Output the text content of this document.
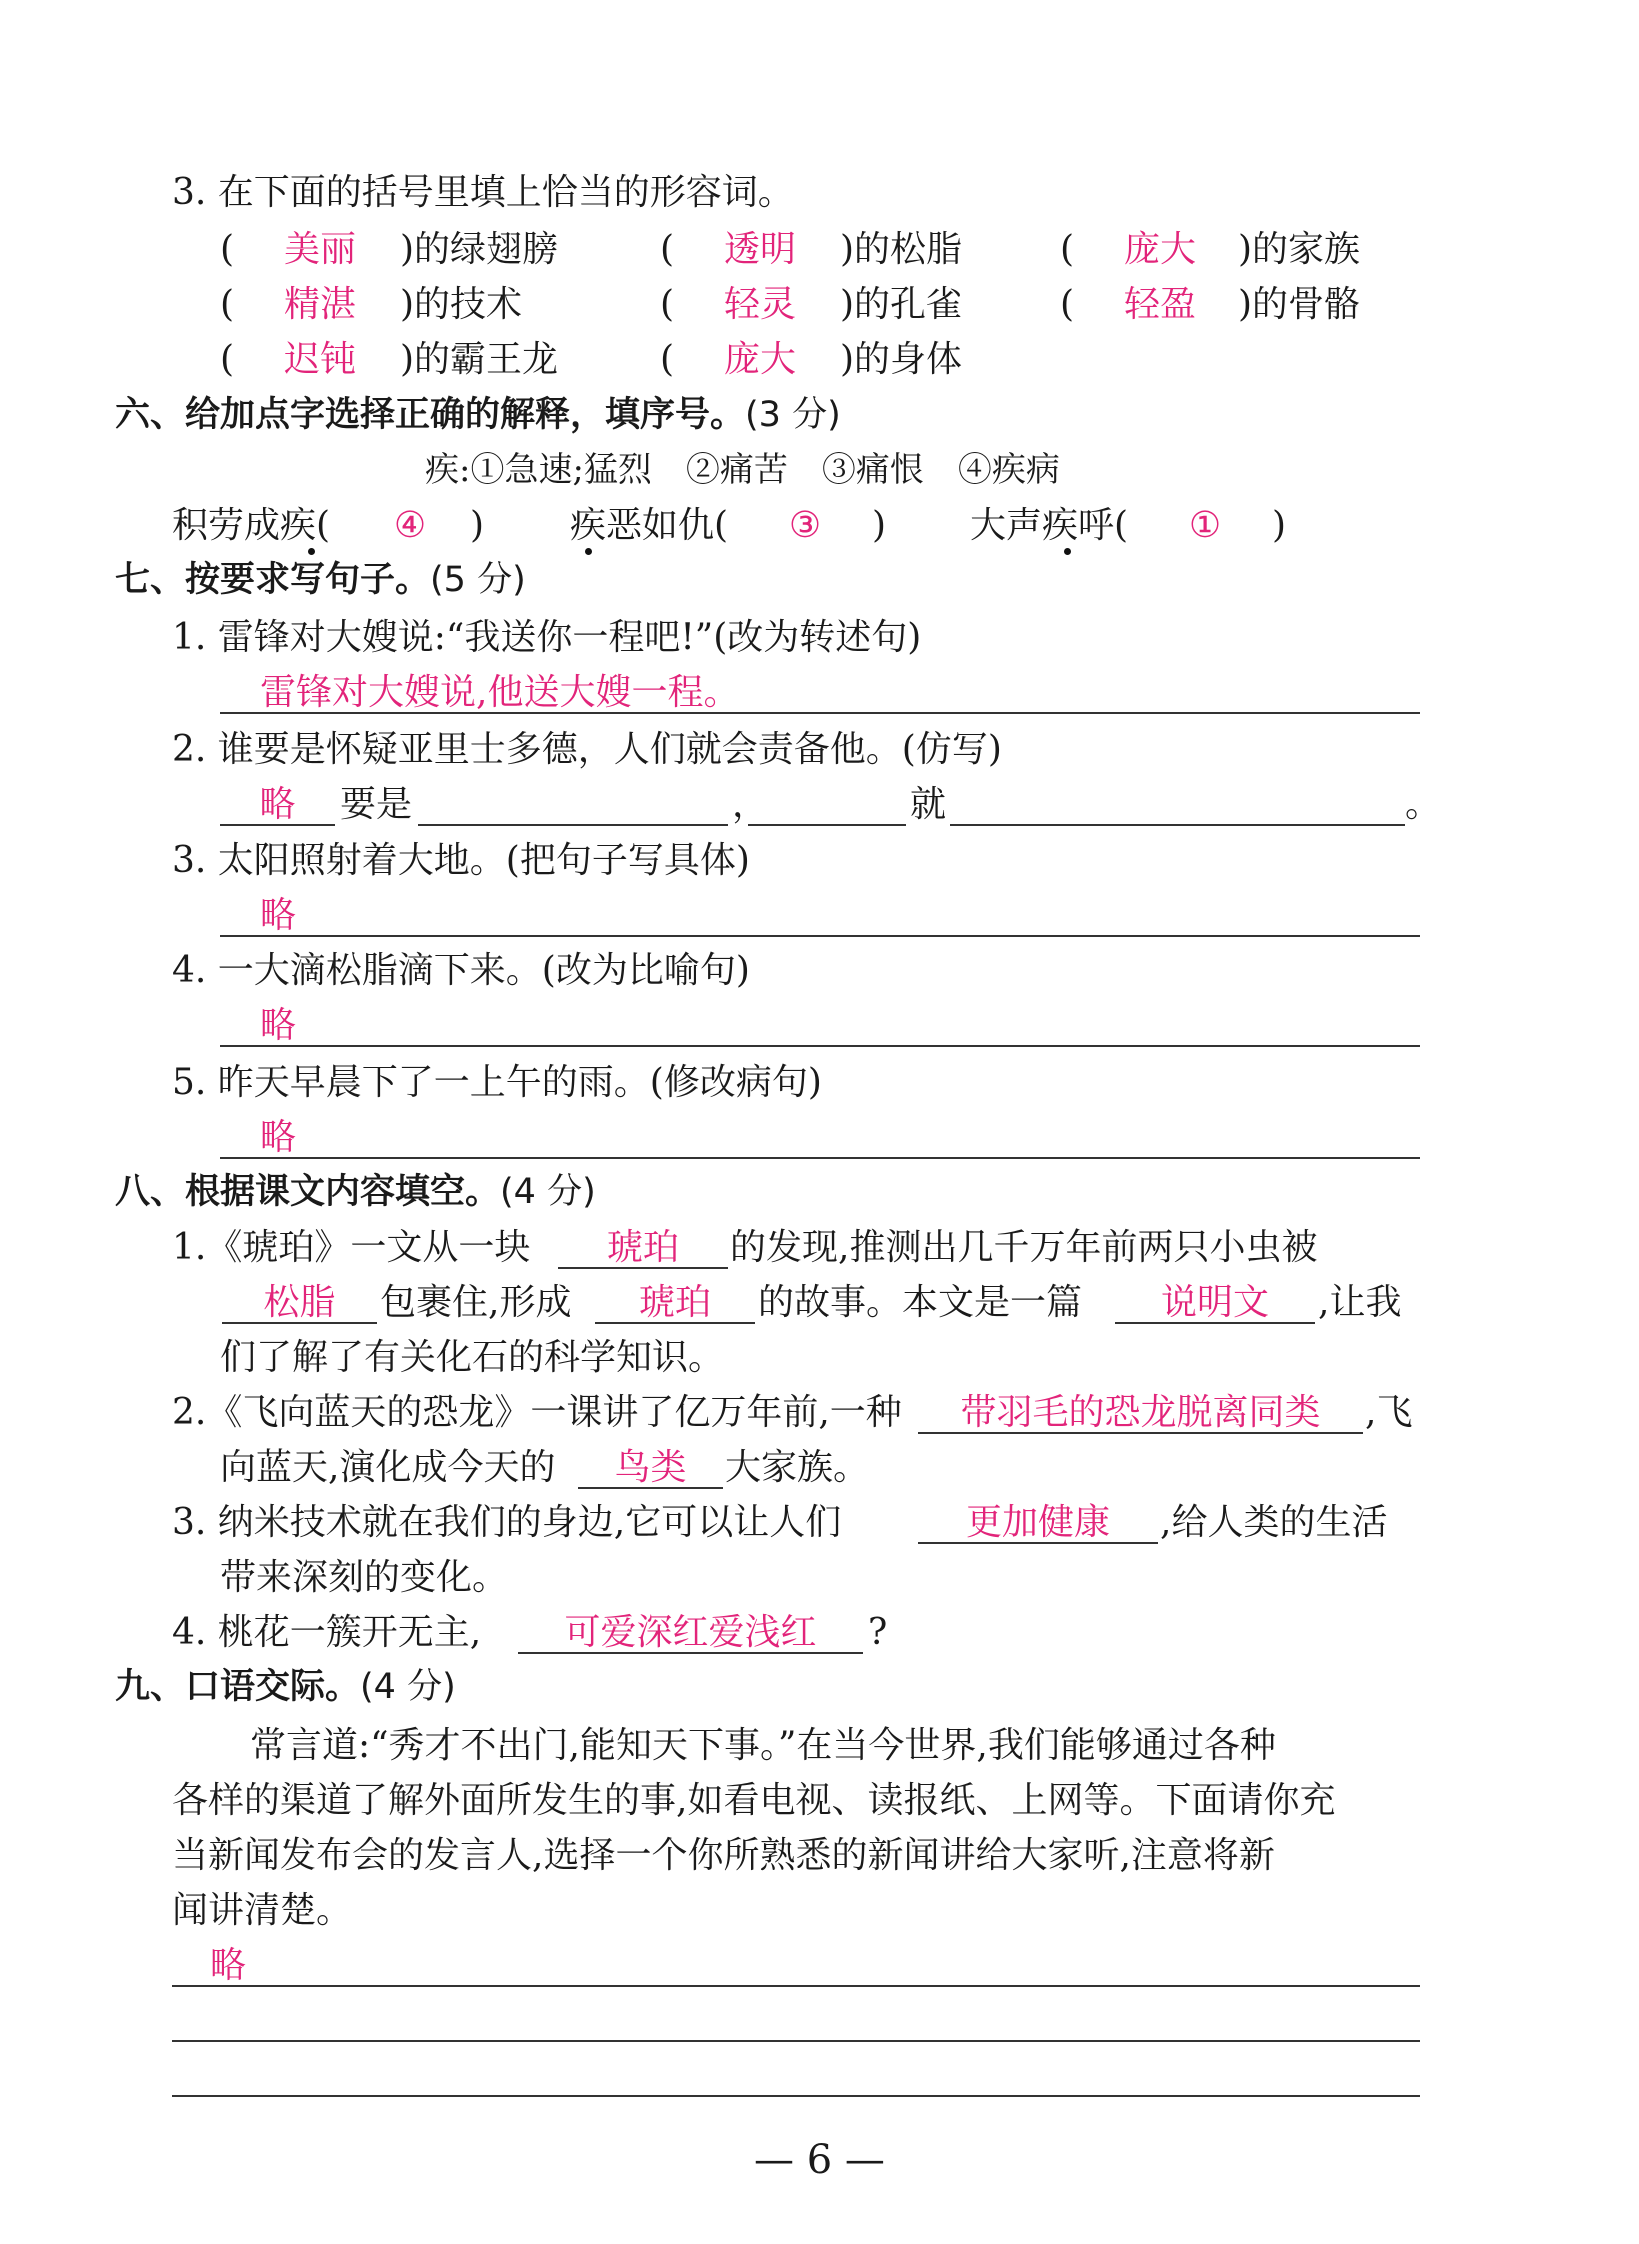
3. 在下面的括号里填上恰当的形容词。
(	美丽	)的绿翅膀	(	透明	)的松脂	(	庞大	)的家族
(	精湛	)的技术	(	轻灵	)的孔雀	(	轻盈	)的骨骼
(	迟钝	)的霸王龙	(	庞大	)的身体
六、给加点字选择正确的解释，填序号。(3 分)
疾:①急速;猛烈　②痛苦　③痛恨　④疾病
积劳成疾(	④	) 疾恶如仇(	③	) 大声疾呼(	①	)
七、按要求写句子。(5 分)
1. 雷锋对大嫂说:“我送你一程吧!”(改为转述句)
雷锋对大嫂说,他送大嫂一程。
2. 谁要是怀疑亚里士多德，人们就会责备他。(仿写)
略	要是	，	就	。
3. 太阳照射着大地。(把句子写具体)
略
4. 一大滴松脂滴下来。(改为比喻句)
略
5. 昨天早晨下了一上午的雨。(修改病句)
略
八、根据课文内容填空。(4 分)
1.《琥珀》一文从一块	琥珀	的发现,推测出几千万年前两只小虫被
松脂	包裹住,形成	琥珀	的故事。本文是一篇	说明文	,让我
们了解了有关化石的科学知识。
2.《飞向蓝天的恐龙》一课讲了亿万年前,一种	带羽毛的恐龙脱离同类	,飞
向蓝天,演化成今天的	鸟类	大家族。
3. 纳米技术就在我们的身边,它可以让人们	更加健康	,给人类的生活
带来深刻的变化。
4. 桃花一簇开无主,	可爱深红爱浅红	?
九、口语交际。(4 分)
常言道:“秀才不出门,能知天下事。”在当今世界,我们能够通过各种
各样的渠道了解外面所发生的事,如看电视、读报纸、上网等。下面请你充
当新闻发布会的发言人,选择一个你所熟悉的新闻讲给大家听,注意将新
闻讲清楚。
略
— 6 —
